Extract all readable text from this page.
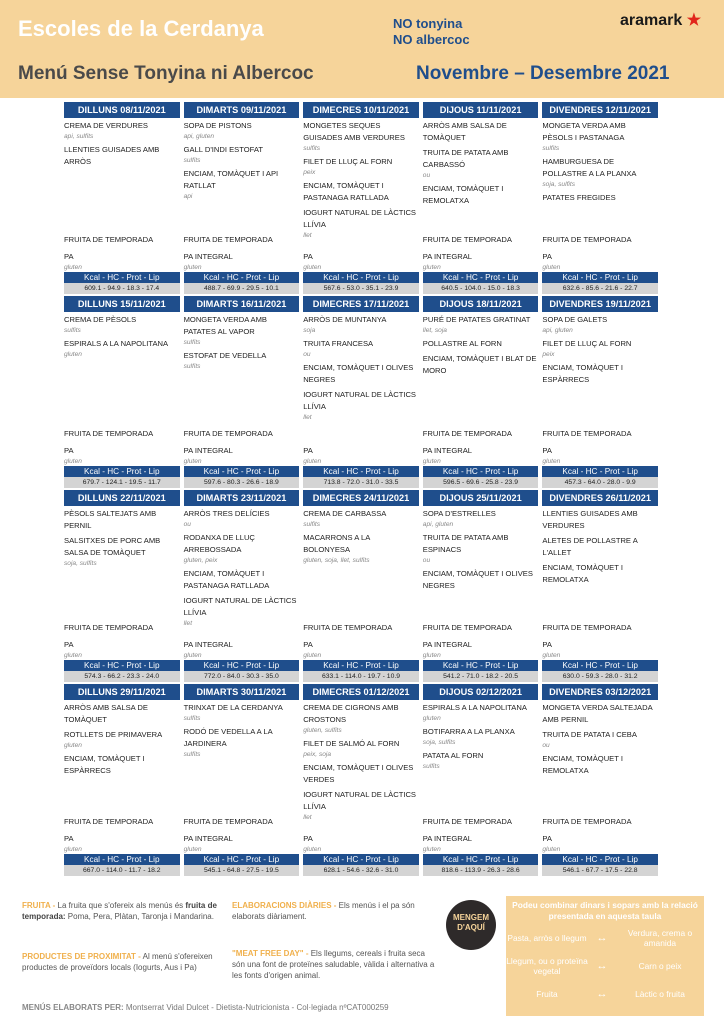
Escoles de la Cerdanya	NO tonyina
NO albercoc
aramark ★
Menú Sense Tonyina ni Albercoc	Novembre – Desembre 2021
DILLUNS 08/11/2021
CREMA DE VERDURES
api, sulfits
LLENTIES GUISADES AMB ARRÒS
FRUITA DE TEMPORADA
PA
gluten
Kcal - HC - Prot - Lip
609.1 - 94.9 - 18.3 - 17.4
DIMARTS 09/11/2021
SOPA DE PISTONS
api, gluten
GALL D'INDI ESTOFAT
sulfits
ENCIAM, TOMÀQUET I API RATLLAT
api
FRUITA DE TEMPORADA
PA INTEGRAL
gluten
Kcal - HC - Prot - Lip
488.7 - 69.9 - 29.5 - 10.1
DIMECRES 10/11/2021
MONGETES SEQUES GUISADES AMB VERDURES
sulfits
FILET DE LLUÇ AL FORN
peix
ENCIAM, TOMÀQUET I PASTANAGA RATLLADA
IOGURT NATURAL DE LÀCTICS LLÍVIA
llet
PA
gluten
Kcal - HC - Prot - Lip
567.6 - 53.0 - 35.1 - 23.9
DIJOUS 11/11/2021
ARRÒS AMB SALSA DE TOMÀQUET
TRUITA DE PATATA AMB CARBASSÓ
ou
ENCIAM, TOMÀQUET I REMOLATXA
FRUITA DE TEMPORADA
PA INTEGRAL
gluten
Kcal - HC - Prot - Lip
640.5 - 104.0 - 15.0 - 18.3
DIVENDRES 12/11/2021
MONGETA VERDA AMB PÈSOLS I PASTANAGA
sulfits
HAMBURGUESA DE POLLASTRE A LA PLANXA
soja, sulfits
PATATES FREGIDES
FRUITA DE TEMPORADA
PA
gluten
Kcal - HC - Prot - Lip
632.6 - 85.6 - 21.6 - 22.7
DILLUNS 15/11/2021
CREMA DE PÈSOLS
sulfits
ESPIRALS A LA NAPOLITANA
gluten
FRUITA DE TEMPORADA
PA
gluten
Kcal - HC - Prot - Lip
679.7 - 124.1 - 19.5 - 11.7
DIMARTS 16/11/2021
MONGETA VERDA AMB PATATES AL VAPOR
sulfits
ESTOFAT DE VEDELLA
sulfits
FRUITA DE TEMPORADA
PA INTEGRAL
gluten
Kcal - HC - Prot - Lip
597.6 - 80.3 - 26.6 - 18.9
DIMECRES 17/11/2021
ARRÒS DE MUNTANYA
soja
TRUITA FRANCESA
ou
ENCIAM, TOMÀQUET I OLIVES NEGRES
IOGURT NATURAL DE LÀCTICS LLÍVIA
llet
PA
gluten
Kcal - HC - Prot - Lip
713.8 - 72.0 - 31.0 - 33.5
DIJOUS 18/11/2021
PURÉ DE PATATES GRATINAT
llet, soja
POLLASTRE AL FORN
ENCIAM, TOMÀQUET I BLAT DE MORO
FRUITA DE TEMPORADA
PA INTEGRAL
gluten
Kcal - HC - Prot - Lip
596.5 - 69.6 - 25.8 - 23.9
DIVENDRES 19/11/2021
SOPA DE GALETS
api, gluten
FILET DE LLUÇ AL FORN
peix
ENCIAM, TOMÀQUET I ESPÀRRECS
FRUITA DE TEMPORADA
PA
gluten
Kcal - HC - Prot - Lip
457.3 - 64.0 - 28.0 - 9.9
DILLUNS 22/11/2021
PÈSOLS SALTEJATS AMB PERNIL
SALSITXES DE PORC AMB SALSA DE TOMÀQUET
soja, sulfits
FRUITA DE TEMPORADA
PA
gluten
Kcal - HC - Prot - Lip
574.3 - 66.2 - 23.3 - 24.0
DIMARTS 23/11/2021
ARRÒS TRES DELÍCIES
ou
RODANXA DE LLUÇ ARREBOSSADA
gluten, peix
ENCIAM, TOMÀQUET I PASTANAGA RATLLADA
IOGURT NATURAL DE LÀCTICS LLÍVIA
llet
PA INTEGRAL
gluten
Kcal - HC - Prot - Lip
772.0 - 84.0 - 30.3 - 35.0
DIMECRES 24/11/2021
CREMA DE CARBASSA
sulfits
MACARRONS A LA BOLONYESA
gluten, soja, llet, sulfits
FRUITA DE TEMPORADA
PA
gluten
Kcal - HC - Prot - Lip
633.1 - 114.0 - 19.7 - 10.9
DIJOUS 25/11/2021
SOPA D'ESTRELLES
api, gluten
TRUITA DE PATATA AMB ESPINACS
ou
ENCIAM, TOMÀQUET I OLIVES NEGRES
FRUITA DE TEMPORADA
PA INTEGRAL
gluten
Kcal - HC - Prot - Lip
541.2 - 71.0 - 18.2 - 20.5
DIVENDRES 26/11/2021
LLENTIES GUISADES AMB VERDURES
ALETES DE POLLASTRE A L'ALLET
ENCIAM, TOMÀQUET I REMOLATXA
FRUITA DE TEMPORADA
PA
gluten
Kcal - HC - Prot - Lip
630.0 - 59.3 - 28.0 - 31.2
DILLUNS 29/11/2021
ARRÒS AMB SALSA DE TOMÀQUET
ROTLLETS DE PRIMAVERA
gluten
ENCIAM, TOMÀQUET I ESPÀRRECS
FRUITA DE TEMPORADA
PA
gluten
Kcal - HC - Prot - Lip
667.0 - 114.0 - 11.7 - 18.2
DIMARTS 30/11/2021
TRINXAT DE LA CERDANYA
sulfits
RODÓ DE VEDELLA A LA JARDINERA
sulfits
FRUITA DE TEMPORADA
PA INTEGRAL
gluten
Kcal - HC - Prot - Lip
545.1 - 64.8 - 27.5 - 19.5
DIMECRES 01/12/2021
CREMA DE CIGRONS AMB CROSTONS
gluten, sulfits
FILET DE SALMÓ AL FORN
peix, soja
ENCIAM, TOMÀQUET I OLIVES VERDES
IOGURT NATURAL DE LÀCTICS LLÍVIA
llet
PA
gluten
Kcal - HC - Prot - Lip
628.1 - 54.6 - 32.6 - 31.0
DIJOUS 02/12/2021
ESPIRALS A LA NAPOLITANA
gluten
BOTIFARRA A LA PLANXA
soja, sulfits
PATATA AL FORN
sulfits
FRUITA DE TEMPORADA
PA INTEGRAL
gluten
Kcal - HC - Prot - Lip
818.6 - 113.9 - 26.3 - 28.6
DIVENDRES 03/12/2021
MONGETA VERDA SALTEJADA AMB PERNIL
TRUITA DE PATATA I CEBA
ou
ENCIAM, TOMÀQUET I REMOLATXA
FRUITA DE TEMPORADA
PA
gluten
Kcal - HC - Prot - Lip
546.1 - 67.7 - 17.5 - 22.8
FRUITA - La fruita que s'ofereix als menús és fruita de temporada: Poma, Pera, Plàtan, Taronja i Mandarina.
ELABORACIONS DIÀRIES - Els menús i el pa són elaborats diàriament.
PRODUCTES DE PROXIMITAT - Al menú s'ofereixen productes de proveïdors locals (Iogurts, Aus i Pa)
"MEAT FREE DAY" - Els llegums, cereals i fruita seca són una font de proteïnes saludable, vàlida i alternativa a les fonts d'origen animal.
MENGEM
D'AQUÍ
Podeu combinar dinars i sopars amb la relació presentada en aquesta taula
Pasta, arròs o llegum ↔	Verdura, crema o amanida
Llegum, ou o proteïna vegetal	↔	Carn o peix
Fruita	↔	Làctic o fruita
MENÚS ELABORATS PER: Montserrat Vidal Dulcet - Dietista-Nutricionista - Col·legiada nºCAT000259
